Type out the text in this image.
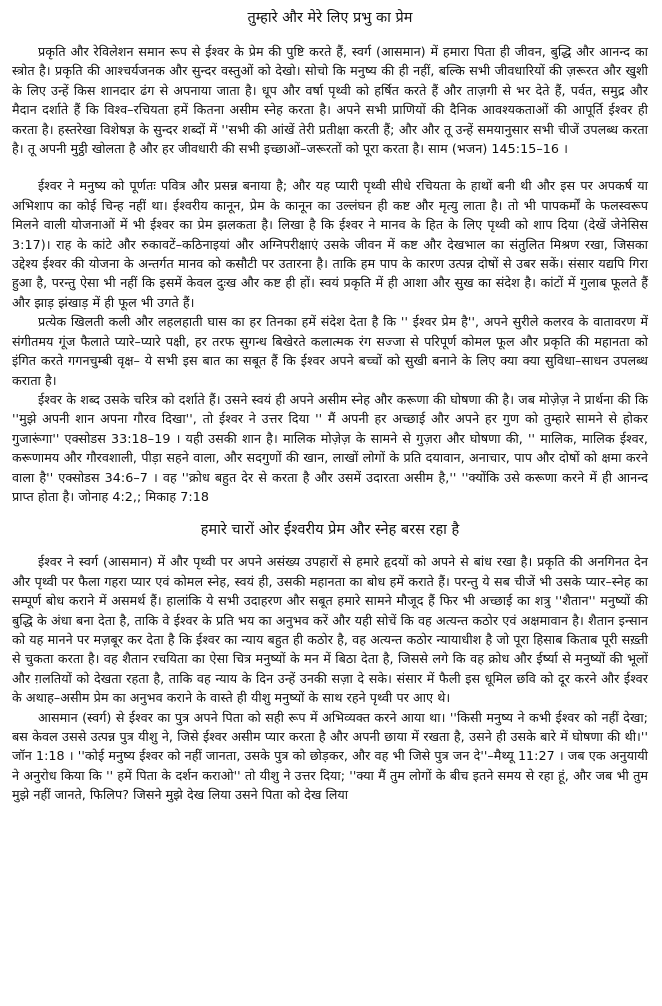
तुम्हारे और मेरे लिए प्रभु का प्रेम

प्रकृति और रेविलेशन समान रूप से ईश्वर के प्रेम की पुष्टि करते हैं, स्वर्ग (आसमान) में हमारा पिता ही जीवन, बुद्धि और आनन्द का स्त्रोत है। प्रकृति की आश्चर्यजनक और सुन्दर वस्तुओं को देखो। सोचो कि मनुष्य की ही नहीं, बल्कि सभी जीवधारियों की ज़रूरत और खुशी के लिए उन्हें किस शानदार ढंग से अपनाया जाता है। धूप और वर्षा पृथ्वी को हर्षित करते हैं और ताज़गी से भर देते हैं, पर्वत, समुद्र और मैदान दर्शाते हैं कि विश्व–रचियता हमें कितना असीम स्नेह करता है। अपने सभी प्राणियों की दैनिक आवश्यकताओं की आपूर्ति ईश्वर ही करता है। हस्तरेखा विशेषज्ञ के सुन्दर शब्दों में ''सभी की आंखें तेरी प्रतीक्षा करती हैं; और और तू उन्हें समयानुसार सभी चीजें उपलब्ध करता है। तू अपनी मुट्ठी खोलता है और हर जीवधारी की सभी इच्छाओं–जरूरतों को पूरा करता है। साम (भजन) 145:15–16 ।

ईश्वर ने मनुष्य को पूर्णतः पवित्र और प्रसन्न बनाया है; और यह प्यारी पृथ्वी सीधे रचियता के हाथों बनी थी और इस पर अपकर्ष या अभिशाप का कोई चिन्ह नहीं था। ईश्वरीय कानून, प्रेम के कानून का उल्लंघन ही कष्ट और मृत्यु लाता है। तो भी पापकर्मों के फलस्वरूप मिलने वाली योजनाओं में भी ईश्वर का प्रेम झलकता है। लिखा है कि ईश्वर ने मानव के हित के लिए पृथ्वी को शाप दिया (देखें जेनेसिस 3:17)। राह के कांटे और रुकावटें–कठिनाइयां और अग्निपरीक्षाएं उसके जीवन में कष्ट और देखभाल का संतुलित मिश्रण रखा, जिसका उद्देश्य ईश्वर की योजना के अन्तर्गत मानव को कसौटी पर उतारना है। ताकि हम पाप के कारण उत्पन्न दोषों से उबर सकें। संसार यद्यपि गिरा हुआ है, परन्तु ऐसा भी नहीं कि इसमें केवल दुःख और कष्ट ही हों। स्वयं प्रकृति में ही आशा और सुख का संदेश है। कांटों में गुलाब फूलते हैं और झाड़ झंखाड़ में ही फूल भी उगते हैं।

प्रत्येक खिलती कली और लहलहाती घास का हर तिनका हमें संदेश देता है कि '' ईश्वर प्रेम है'', अपने सुरीले कलरव के वातावरण में संगीतमय गूंज फैलाते प्यारे–प्यारे पक्षी, हर तरफ सुगन्ध बिखेरते कलात्मक रंग सज्जा से परिपूर्ण कोमल फूल और प्रकृति की महानता को इंगित करते गगनचुम्बी वृक्ष– ये सभी इस बात का सबूत हैं कि ईश्वर अपने बच्चों को सुखी बनाने के लिए क्या क्या सुविधा–साधन उपलब्ध कराता है।

ईश्वर के शब्द उसके चरित्र को दर्शाते हैं। उसने स्वयं ही अपने असीम स्नेह और करूणा की घोषणा की है। जब मोज़ेज़ ने प्रार्थना की कि ''मुझे अपनी शान अपना गौरव दिखा'', तो ईश्वर ने उत्तर दिया '' मैं अपनी हर अच्छाई और अपने हर गुण को तुम्हारे सामने से होकर गुजारूंगा'' एक्सोडस 33:18–19 । यही उसकी शान है। मालिक मोज़ेज़ के सामने से गुज़रा और घोषणा की, '' मालिक, मालिक ईश्वर, करूणामय और गौरवशाली, पीड़ा सहने वाला, और सदगुणों की खान, लाखों लोगों के प्रति दयावान, अनाचार, पाप और दोषों को क्षमा करने वाला है'' एक्सोडस 34:6–7 । वह ''क्रोध बहुत देर से करता है और उसमें उदारता असीम है,'' ''क्योंकि उसे करूणा करने में ही आनन्द प्राप्त होता है। जोनाह 4:2,; मिकाह 7:18

हमारे चारों ओर ईश्वरीय प्रेम और स्नेह बरस रहा है

ईश्वर ने स्वर्ग (आसमान) में और पृथ्वी पर अपने असंख्य उपहारों से हमारे हृदयों को अपने से बांध रखा है। प्रकृति की अनगिनत देन और पृथ्वी पर फैला गहरा प्यार एवं कोमल स्नेह, स्वयं ही, उसकी महानता का बोध हमें कराते हैं। परन्तु ये सब चीजें भी उसके प्यार–स्नेह का सम्पूर्ण बोध कराने में असमर्थ हैं। हालांकि ये सभी उदाहरण और सबूत हमारे सामने मौजूद हैं फिर भी अच्छाई का शत्रु ''शैतान'' मनुष्यों की बुद्धि के अंधा बना देता है, ताकि वे ईश्वर के प्रति भय का अनुभव करें और यही सोचें कि वह अत्यन्त कठोर एवं अक्षमावान है। शैतान इन्सान को यह मानने पर मज़बूर कर देता है कि ईश्वर का न्याय बहुत ही कठोर है, वह अत्यन्त कठोर न्यायाधीश है जो पूरा हिसाब किताब पूरी सख़्ती से चुकता करता है। वह शैतान रचयिता का ऐसा चित्र मनुष्यों के मन में बिठा देता है, जिससे लगे कि वह क्रोध और ईर्ष्या से मनुष्यों की भूलों और ग़लतियों को देखता रहता है, ताकि वह न्याय के दिन उन्हें उनकी सज़ा दे सके। संसार में फैली इस धूमिल छवि को दूर करने और ईश्वर के अथाह–असीम प्रेम का अनुभव कराने के वास्ते ही यीशु मनुष्यों के साथ रहने पृथ्वी पर आए थे।

आसमान (स्वर्ग) से ईश्वर का पुत्र अपने पिता को सही रूप में अभिव्यक्त करने आया था। ''किसी मनुष्य ने कभी ईश्वर को नहीं देखा; बस केवल उससे उत्पन्न पुत्र यीशु ने, जिसे ईश्वर असीम प्यार करता है और अपनी छाया में रखता है, उसने ही उसके बारे में घोषणा की थी।'' जॉन 1:18 । ''कोई मनुष्य ईश्वर को नहीं जानता, उसके पुत्र को छोड़कर, और वह भी जिसे पुत्र जन दे''–मैथ्यू 11:27 । जब एक अनुयायी ने अनुरोध किया कि '' हमें पिता के दर्शन कराओ'' तो यीशु ने उत्तर दिया; ''क्या मैं तुम लोगों के बीच इतने समय से रहा हूं, और जब भी तुम मुझे नहीं जानते, फिलिप? जिसने मुझे देख लिया उसने पिता को देख लिया
